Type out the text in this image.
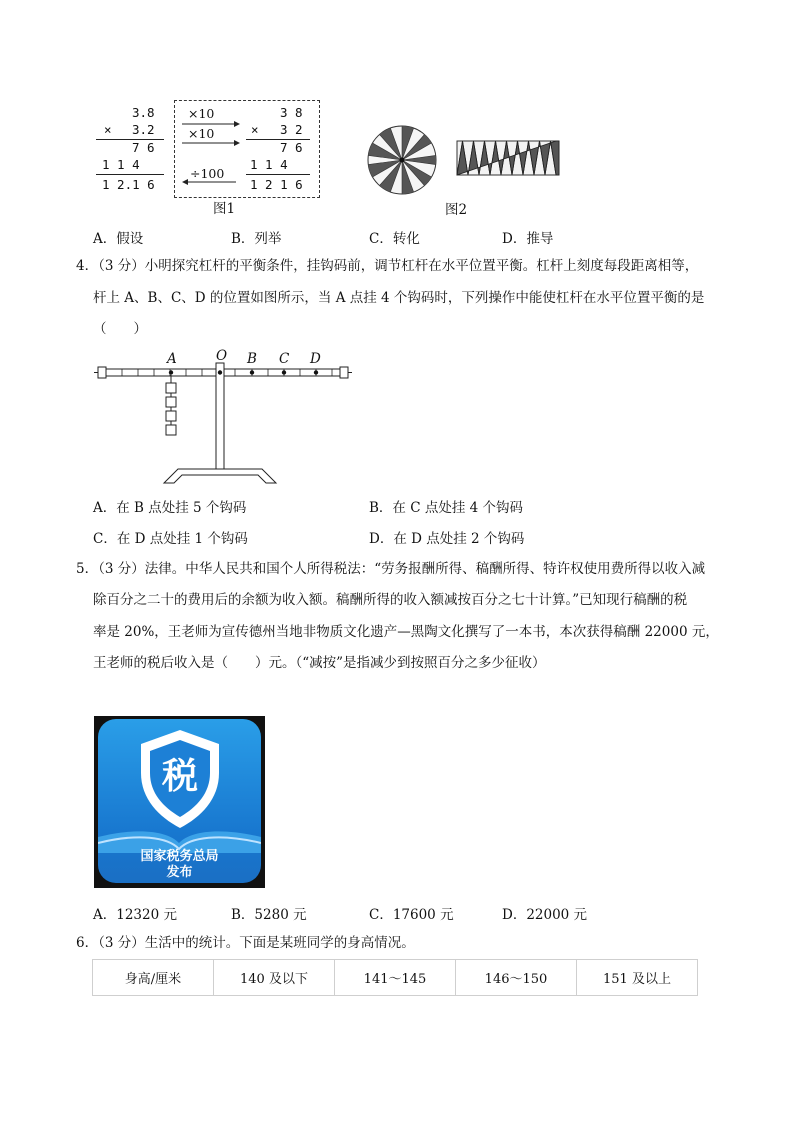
3.8
× 3.2
7 6
1 1 4
1 2.1 6
×10
×10
÷100
3 8
× 3 2
7 6
1 1 4
1 2 1 6
图1	图2
A．假设	B．列举	C．转化	D．推导
4．（3 分）小明探究杠杆的平衡条件，挂钩码前，调节杠杆在水平位置平衡。杠杆上刻度每段距离相等，
杆上 A、B、C、D 的位置如图所示，当 A 点挂 4 个钩码时，下列操作中能使杠杆在水平位置平衡的是
（　　）
A	O B C D
A．在 B 点处挂 5 个钩码	B．在 C 点处挂 4 个钩码
C．在 D 点处挂 1 个钩码	D．在 D 点处挂 2 个钩码
5．（3 分）法律。中华人民共和国个人所得税法：“劳务报酬所得、稿酬所得、特许权使用费所得以收入减
除百分之二十的费用后的余额为收入额。稿酬所得的收入额减按百分之七十计算。”已知现行稿酬的税
率是 20%，王老师为宣传德州当地非物质文化遗产—黑陶文化撰写了一本书，本次获得稿酬 22000 元，
王老师的税后收入是（　　）元。（“减按”是指减少到按照百分之多少征收）
税
国家税务总局
发布
A．12320 元	B．5280 元	C．17600 元	D．22000 元
6．（3 分）生活中的统计。下面是某班同学的身高情况。
身高/厘米	140 及以下	141～145	146～150	151 及以上
